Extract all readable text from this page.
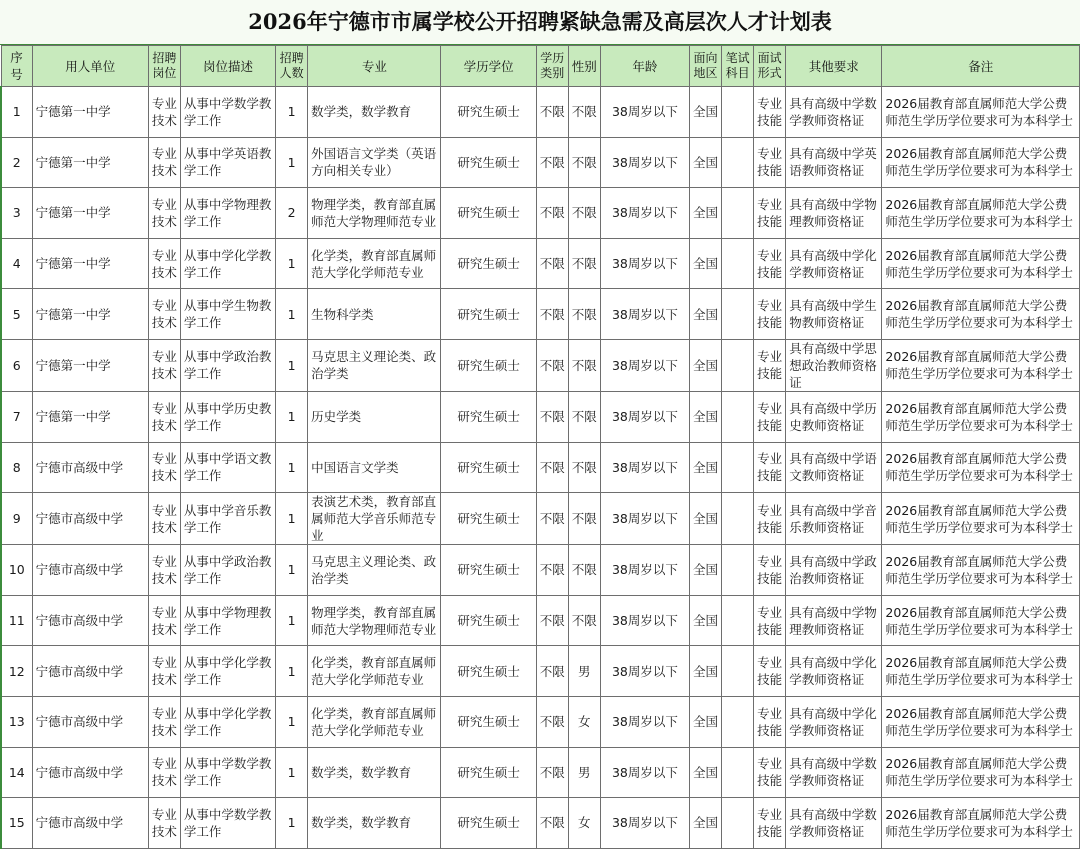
2026年宁德市市属学校公开招聘紧缺急需及高层次人才计划表
序号	用人单位	招聘岗位	岗位描述	招聘人数	专业	学历学位	学历类别	性别	年龄	面向地区	笔试科目	面试形式	其他要求	备注
1	宁德第一中学	专业技术	从事中学数学教学工作	1	数学类，数学教育	研究生硕士	不限	不限	38周岁以下	全国		专业技能	具有高级中学数学教师资格证	2026届教育部直属师范大学公费师范生学历学位要求可为本科学士
2	宁德第一中学	专业技术	从事中学英语教学工作	1	外国语言文学类（英语方向相关专业）	研究生硕士	不限	不限	38周岁以下	全国		专业技能	具有高级中学英语教师资格证	2026届教育部直属师范大学公费师范生学历学位要求可为本科学士
3	宁德第一中学	专业技术	从事中学物理教学工作	2	物理学类，教育部直属师范大学物理师范专业	研究生硕士	不限	不限	38周岁以下	全国		专业技能	具有高级中学物理教师资格证	2026届教育部直属师范大学公费师范生学历学位要求可为本科学士
4	宁德第一中学	专业技术	从事中学化学教学工作	1	化学类，教育部直属师范大学化学师范专业	研究生硕士	不限	不限	38周岁以下	全国		专业技能	具有高级中学化学教师资格证	2026届教育部直属师范大学公费师范生学历学位要求可为本科学士
5	宁德第一中学	专业技术	从事中学生物教学工作	1	生物科学类	研究生硕士	不限	不限	38周岁以下	全国		专业技能	具有高级中学生物教师资格证	2026届教育部直属师范大学公费师范生学历学位要求可为本科学士
6	宁德第一中学	专业技术	从事中学政治教学工作	1	马克思主义理论类、政治学类	研究生硕士	不限	不限	38周岁以下	全国		专业技能	具有高级中学思想政治教师资格证	2026届教育部直属师范大学公费师范生学历学位要求可为本科学士
7	宁德第一中学	专业技术	从事中学历史教学工作	1	历史学类	研究生硕士	不限	不限	38周岁以下	全国		专业技能	具有高级中学历史教师资格证	2026届教育部直属师范大学公费师范生学历学位要求可为本科学士
8	宁德市高级中学	专业技术	从事中学语文教学工作	1	中国语言文学类	研究生硕士	不限	不限	38周岁以下	全国		专业技能	具有高级中学语文教师资格证	2026届教育部直属师范大学公费师范生学历学位要求可为本科学士
9	宁德市高级中学	专业技术	从事中学音乐教学工作	1	表演艺术类，教育部直属师范大学音乐师范专业	研究生硕士	不限	不限	38周岁以下	全国		专业技能	具有高级中学音乐教师资格证	2026届教育部直属师范大学公费师范生学历学位要求可为本科学士
10	宁德市高级中学	专业技术	从事中学政治教学工作	1	马克思主义理论类、政治学类	研究生硕士	不限	不限	38周岁以下	全国		专业技能	具有高级中学政治教师资格证	2026届教育部直属师范大学公费师范生学历学位要求可为本科学士
11	宁德市高级中学	专业技术	从事中学物理教学工作	1	物理学类，教育部直属师范大学物理师范专业	研究生硕士	不限	不限	38周岁以下	全国		专业技能	具有高级中学物理教师资格证	2026届教育部直属师范大学公费师范生学历学位要求可为本科学士
12	宁德市高级中学	专业技术	从事中学化学教学工作	1	化学类，教育部直属师范大学化学师范专业	研究生硕士	不限	男	38周岁以下	全国		专业技能	具有高级中学化学教师资格证	2026届教育部直属师范大学公费师范生学历学位要求可为本科学士
13	宁德市高级中学	专业技术	从事中学化学教学工作	1	化学类，教育部直属师范大学化学师范专业	研究生硕士	不限	女	38周岁以下	全国		专业技能	具有高级中学化学教师资格证	2026届教育部直属师范大学公费师范生学历学位要求可为本科学士
14	宁德市高级中学	专业技术	从事中学数学教学工作	1	数学类，数学教育	研究生硕士	不限	男	38周岁以下	全国		专业技能	具有高级中学数学教师资格证	2026届教育部直属师范大学公费师范生学历学位要求可为本科学士
15	宁德市高级中学	专业技术	从事中学数学教学工作	1	数学类，数学教育	研究生硕士	不限	女	38周岁以下	全国		专业技能	具有高级中学数学教师资格证	2026届教育部直属师范大学公费师范生学历学位要求可为本科学士
